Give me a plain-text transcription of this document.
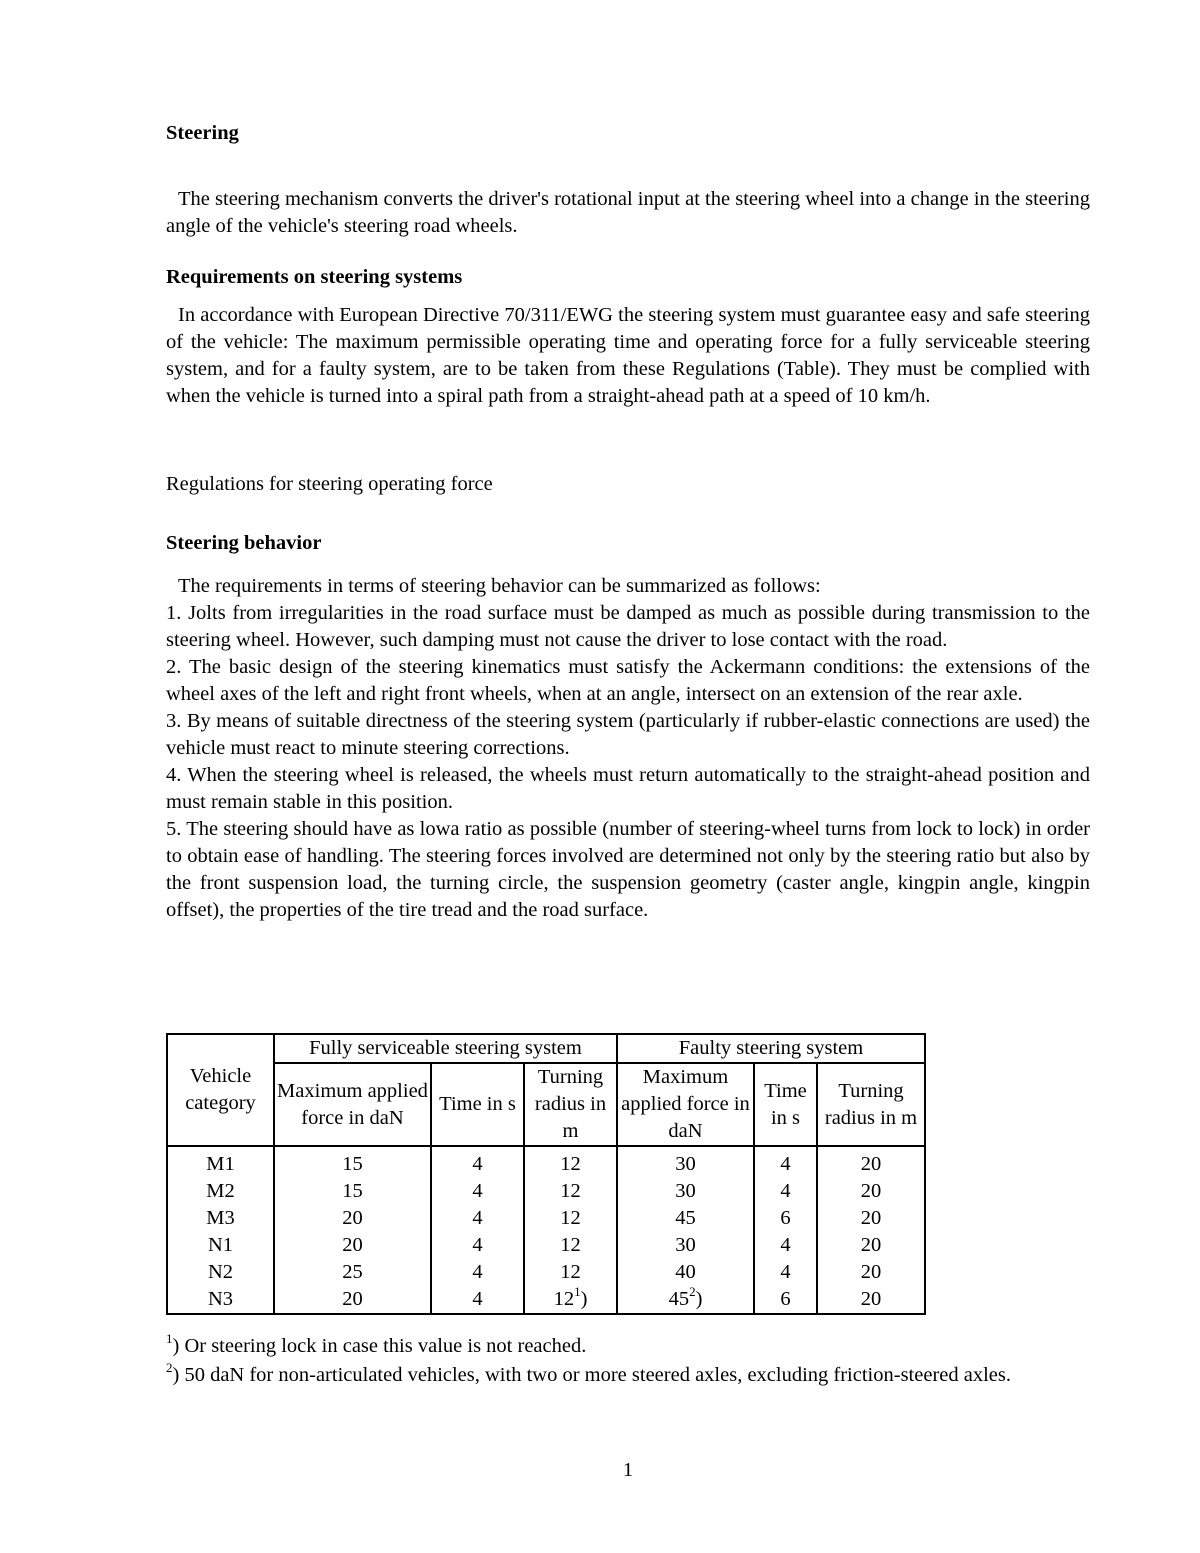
Steering

The steering mechanism converts the driver's rotational input at the steering wheel into a change in the steering angle of the vehicle's steering road wheels.

Requirements on steering systems

In accordance with European Directive 70/311/EWG the steering system must guarantee easy and safe steering of the vehicle: The maximum permissible operating time and operating force for a fully serviceable steering system, and for a faulty system, are to be taken from these Regulations (Table). They must be complied with when the vehicle is turned into a spiral path from a straight-ahead path at a speed of 10 km/h.

Regulations for steering operating force

Steering behavior

The requirements in terms of steering behavior can be summarized as follows:

1. Jolts from irregularities in the road surface must be damped as much as possible during transmission to the steering wheel. However, such damping must not cause the driver to lose contact with the road.

2. The basic design of the steering kinematics must satisfy the Ackermann conditions: the extensions of the wheel axes of the left and right front wheels, when at an angle, intersect on an extension of the rear axle.

3. By means of suitable directness of the steering system (particularly if rubber-elastic connections are used) the vehicle must react to minute steering corrections.

4. When the steering wheel is released, the wheels must return automatically to the straight-ahead position and must remain stable in this position.

5. The steering should have as lowa ratio as possible (number of steering-wheel turns from lock to lock) in order to obtain ease of handling. The steering forces involved are determined not only by the steering ratio but also by the front suspension load, the turning circle, the suspension geometry (caster angle, kingpin angle, kingpin offset), the properties of the tire tread and the road surface.

Vehicle category	Fully serviceable steering system			Faulty steering system		
	Maximum applied force in daN	Time in s	Turning radius in m	Maximum applied force in daN	Time in s	Turning radius in m
M1	15	4	12	30	4	20
M2	15	4	12	30	4	20
M3	20	4	12	45	6	20
N1	20	4	12	30	4	20
N2	25	4	12	40	4	20
N3	20	4	$12^1$)	$45^2$)	6	20

$^1$) Or steering lock in case this value is not reached.

$^2$) 50 daN for non-articulated vehicles, with two or more steered axles, excluding friction-steered axles.

1
